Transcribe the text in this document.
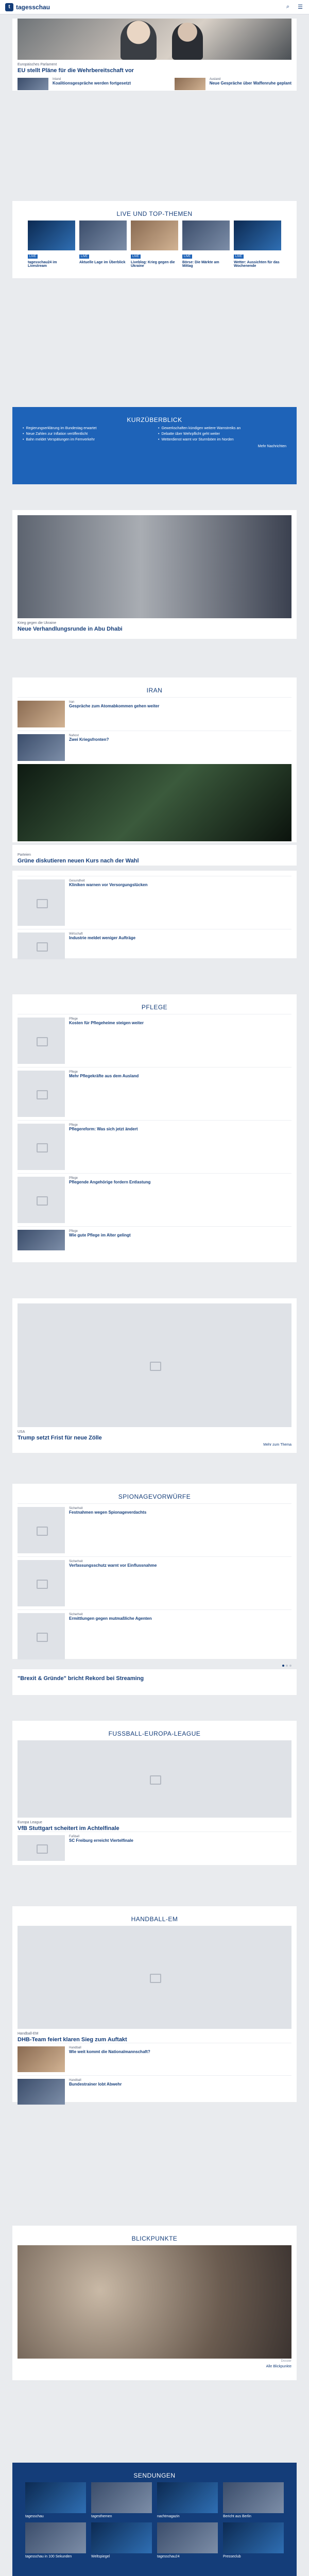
t tagesschau	⌕	☰
Europäisches Parlament
EU stellt Pläne für die Wehrbereitschaft vor
Inland
Koalitionsgespräche werden fortgesetzt
Ausland
Neue Gespräche über Waffenruhe geplant
LIVE UND TOP-THEMEN
LIVE
tagesschau24 im Livestream
LIVE
Aktuelle Lage im Überblick
LIVE
Liveblog: Krieg gegen die Ukraine
LIVE
Börse: Die Märkte am Mittag
LIVE
Wetter: Aussichten für das Wochenende
KURZÜBERBLICK
• Regierungserklärung im Bundestag erwartet	• Gewerkschaften kündigen weitere Warnstreiks an
• Neue Zahlen zur Inflation veröffentlicht	• Debatte über Wehrpflicht geht weiter
• Bahn meldet Verspätungen im Fernverkehr	• Wetterdienst warnt vor Sturmböen im Norden
Mehr Nachrichten
Krieg gegen die Ukraine
Neue Verhandlungsrunde in Abu Dhabi
IRAN
Iran
Gespräche zum Atomabkommen gehen weiter
Nahost
Zwei Kriegsfronten?
Parteien
Grüne diskutieren neuen Kurs nach der Wahl
Gesundheit
Kliniken warnen vor Versorgungslücken
Wirtschaft
Industrie meldet weniger Aufträge
PFLEGE
Pflege
Kosten für Pflegeheime steigen weiter
Pflege
Mehr Pflegekräfte aus dem Ausland
Pflege
Pflegereform: Was sich jetzt ändert
Pflege
Pflegende Angehörige fordern Entlastung
Pflege
Wie gute Pflege im Alter gelingt
USA
Trump setzt Frist für neue Zölle
Mehr zum Thema
SPIONAGEVORWÜRFE
Sicherheit
Festnahmen wegen Spionageverdachts
Sicherheit
Verfassungsschutz warnt vor Einflussnahme
Sicherheit
Ermittlungen gegen mutmaßliche Agenten
"Brexit & Gründe" bricht Rekord bei Streaming
FUSSBALL-EUROPA-LEAGUE
Europa League
VfB Stuttgart scheitert im Achtelfinale
Fußball
SC Freiburg erreicht Viertelfinale
HANDBALL-EM
Handball-EM
DHB-Team feiert klaren Sieg zum Auftakt
Handball
Wie weit kommt die Nationalmannschaft?
Handball
Bundestrainer lobt Abwehr
BLICKPUNKTE
Dossier
Alle Blickpunkte
SENDUNGEN
tagesschau	tagesthemen	nachtmagazin	Bericht aus Berlin
tagesschau in 100 Sekunden	Weltspiegel	tagesschau24	Presseclub
